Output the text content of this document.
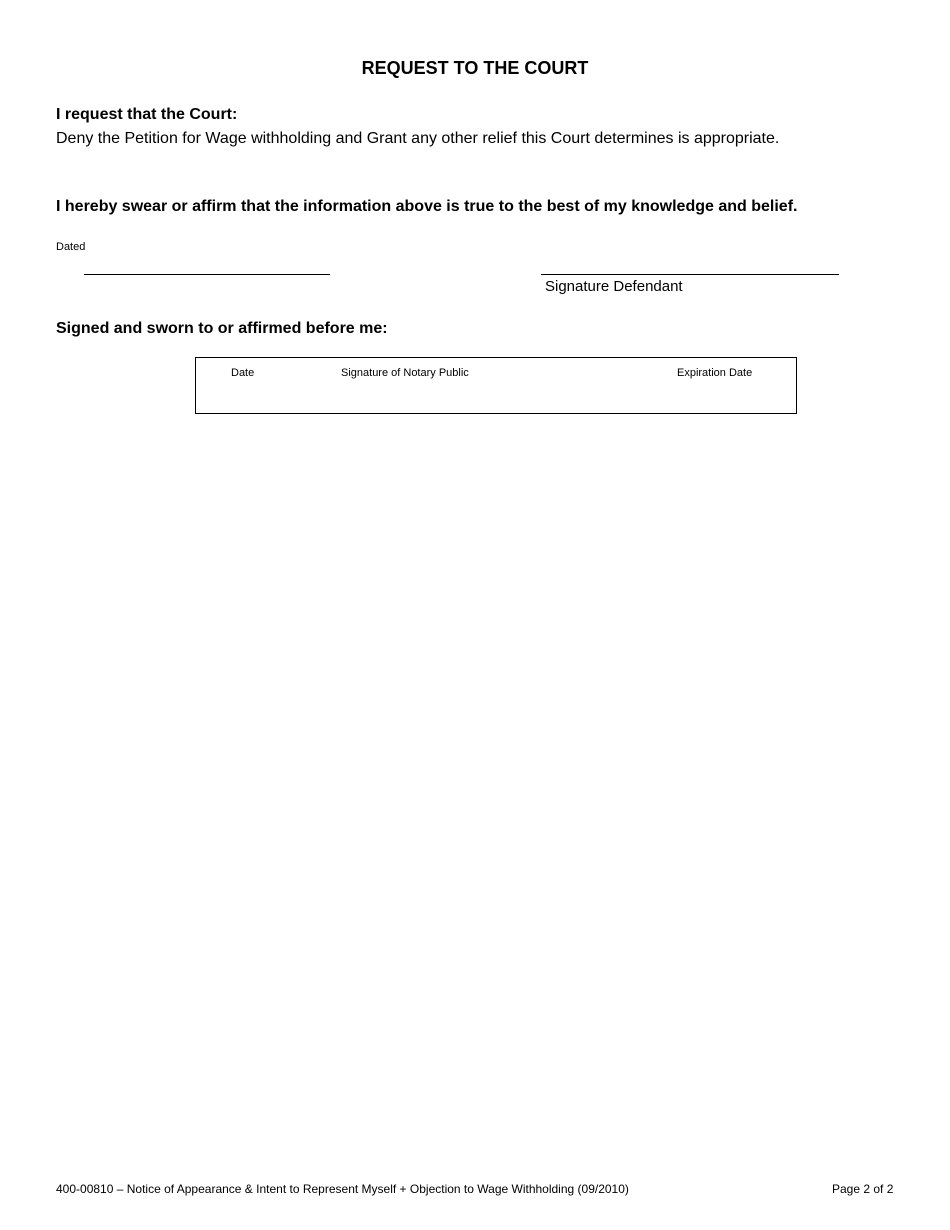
REQUEST TO THE COURT
I request that the Court:
Deny the Petition for Wage withholding and Grant any other relief this Court determines is appropriate.
I hereby swear or affirm that the information above is true to the best of my knowledge and belief.
Dated
Signature Defendant
Signed and sworn to or affirmed before me:
Date	Signature of Notary Public	Expiration Date
400-00810 – Notice of Appearance & Intent to Represent Myself + Objection to Wage Withholding (09/2010)	Page 2 of 2
